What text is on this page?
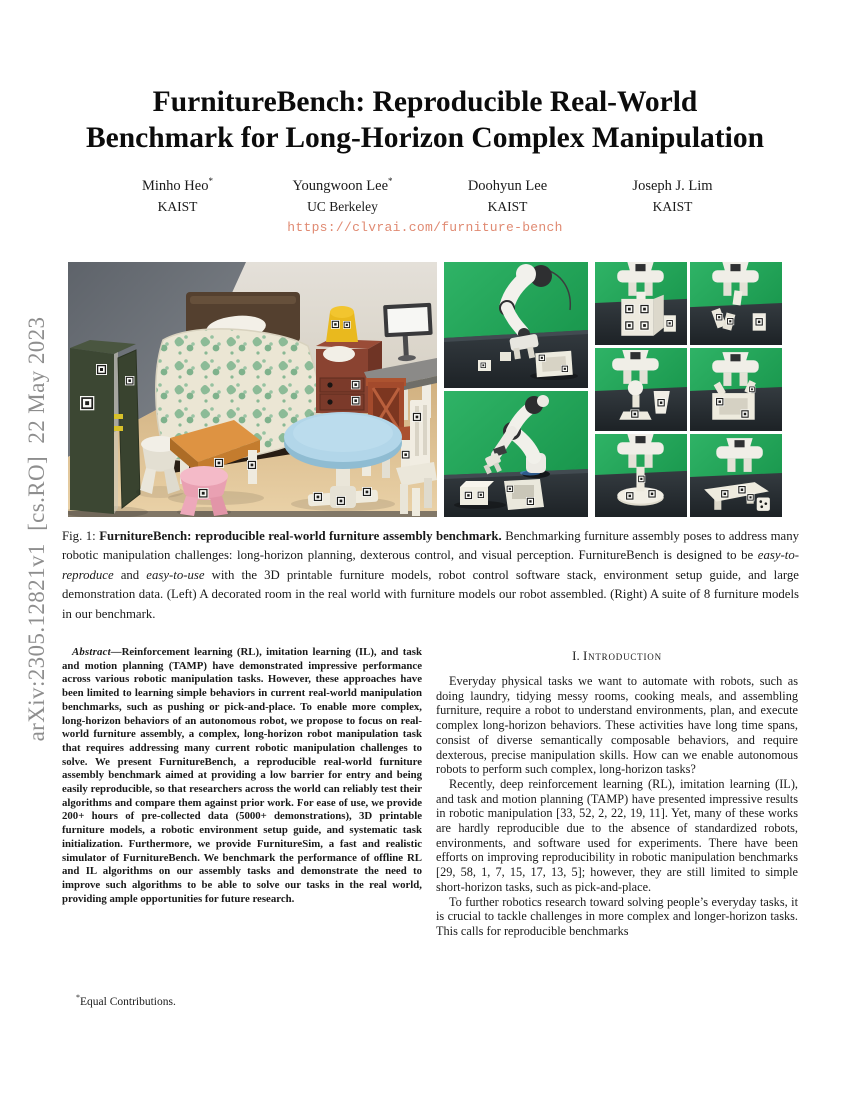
arXiv:2305.12821v1  [cs.RO]  22 May 2023
FurnitureBench: Reproducible Real-World
Benchmark for Long-Horizon Complex Manipulation
Minho Heo*
KAIST
Youngwoon Lee*
UC Berkeley
Doohyun Lee
KAIST
Joseph J. Lim
KAIST
https://clvrai.com/furniture-bench

Fig. 1: FurnitureBench: reproducible real-world furniture assembly benchmark. Benchmarking furniture assembly poses to address many robotic manipulation challenges: long-horizon planning, dexterous control, and visual perception. FurnitureBench is designed to be easy-to-reproduce and easy-to-use with the 3D printable furniture models, robot control software stack, environment setup guide, and large demonstration data. (Left) A decorated room in the real world with furniture models our robot assembled. (Right) A suite of 8 furniture models in our benchmark.

Abstract—Reinforcement learning (RL), imitation learning (IL), and task and motion planning (TAMP) have demonstrated impressive performance across various robotic manipulation tasks. However, these approaches have been limited to learning simple behaviors in current real-world manipulation benchmarks, such as pushing or pick-and-place. To enable more complex, long-horizon behaviors of an autonomous robot, we propose to focus on real-world furniture assembly, a complex, long-horizon robot manipulation task that requires addressing many current robotic manipulation challenges to solve. We present FurnitureBench, a reproducible real-world furniture assembly benchmark aimed at providing a low barrier for entry and being easily reproducible, so that researchers across the world can reliably test their algorithms and compare them against prior work. For ease of use, we provide 200+ hours of pre-collected data (5000+ demonstrations), 3D printable furniture models, a robotic environment setup guide, and systematic task initialization. Furthermore, we provide FurnitureSim, a fast and realistic simulator of FurnitureBench. We benchmark the performance of offline RL and IL algorithms on our assembly tasks and demonstrate the need to improve such algorithms to be able to solve our tasks in the real world, providing ample opportunities for future research.

I. Introduction

Everyday physical tasks we want to automate with robots, such as doing laundry, tidying messy rooms, cooking meals, and assembling furniture, require a robot to understand environments, plan, and execute complex long-horizon behaviors. These activities have long time spans, consist of diverse semantically composable behaviors, and require dexterous, precise manipulation skills. How can we enable autonomous robots to perform such complex, long-horizon tasks?

Recently, deep reinforcement learning (RL), imitation learning (IL), and task and motion planning (TAMP) have presented impressive results in robotic manipulation [33, 52, 2, 22, 19, 11]. Yet, many of these works are hardly reproducible due to the absence of standardized robots, environments, and software used for experiments. There have been efforts on improving reproducibility in robotic manipulation benchmarks [29, 58, 1, 7, 15, 17, 13, 5]; however, they are still limited to simple short-horizon tasks, such as pick-and-place.

To further robotics research toward solving people’s everyday tasks, it is crucial to tackle challenges in more complex and longer-horizon tasks. This calls for reproducible benchmarks

*Equal Contributions.
